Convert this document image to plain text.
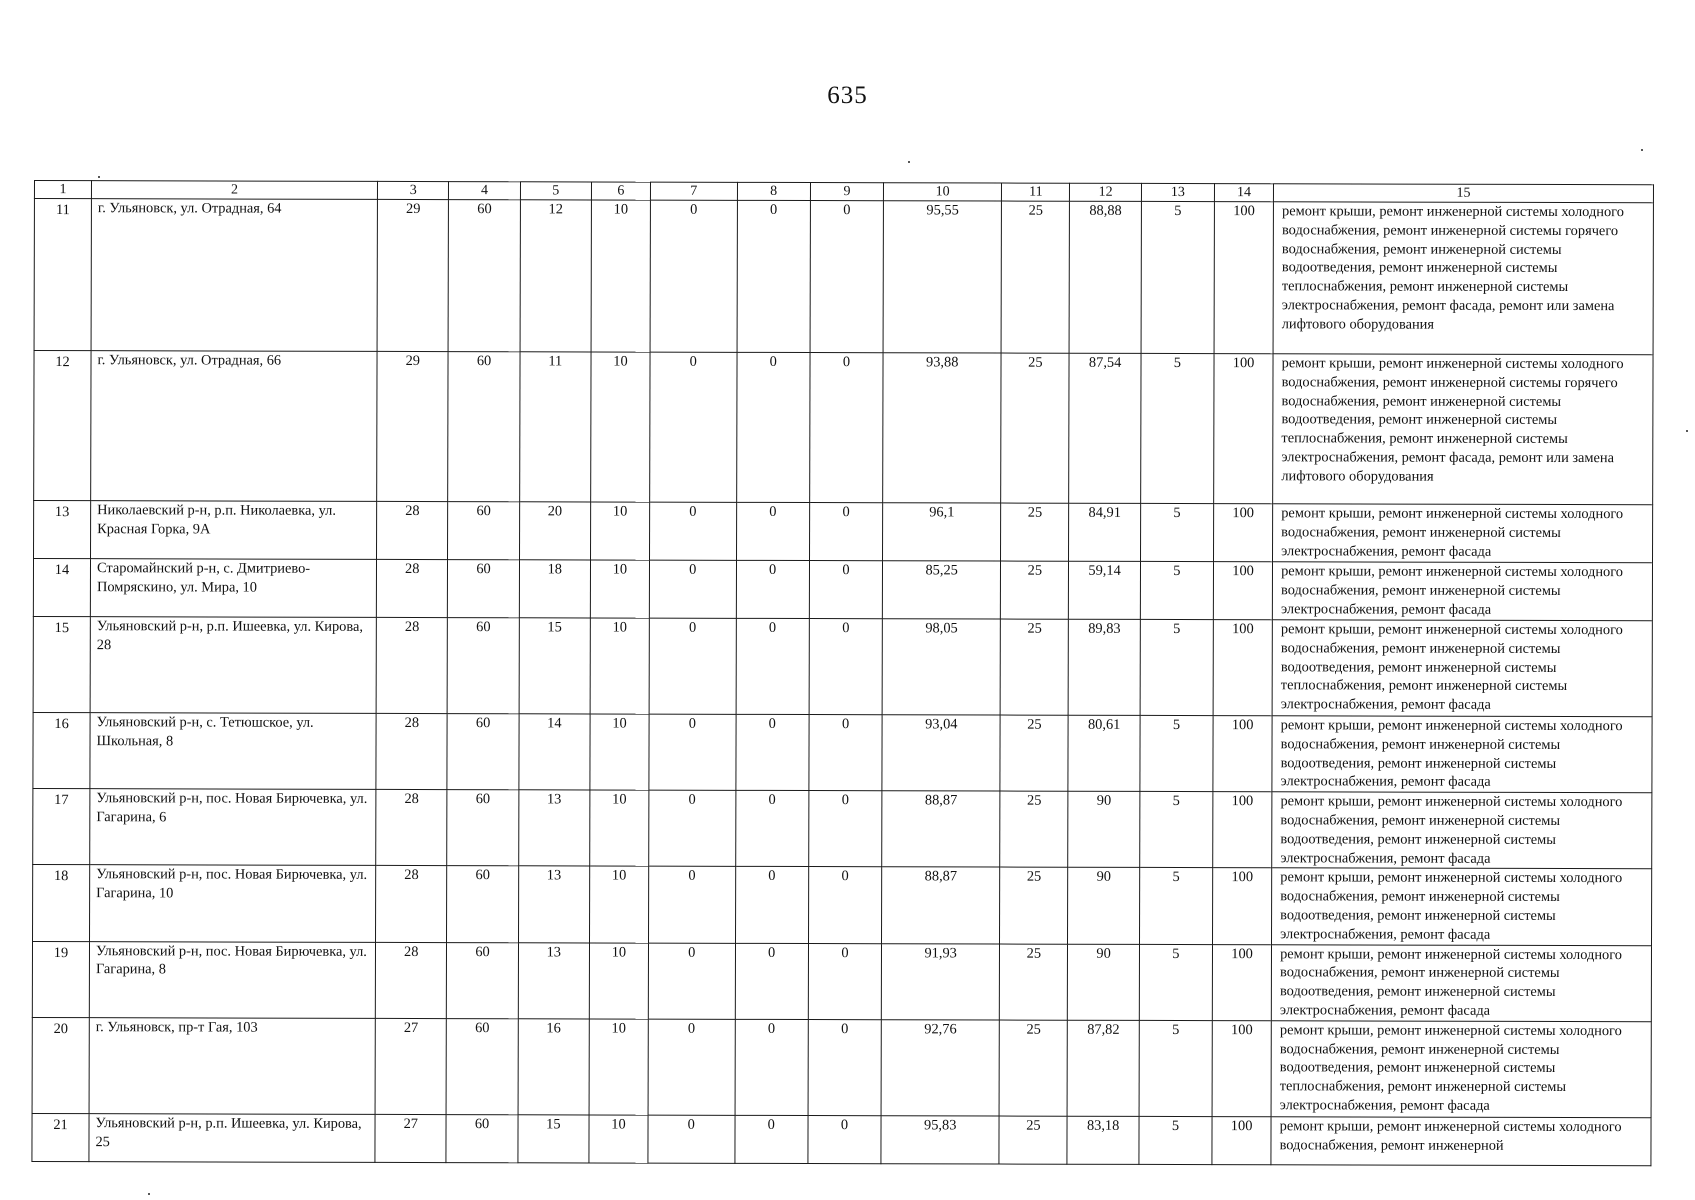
635
1	2	3	4	5	6	7	8	9	10	11	12	13	14	15
11	г. Ульяновск, ул. Отрадная, 64	29	60	12	10	0	0	0	95,55	25	88,88	5	100	ремонт крыши, ремонт инженерной системы холодного водоснабжения, ремонт инженерной системы горячего водоснабжения, ремонт инженерной системы водоотведения, ремонт инженерной системы теплоснабжения, ремонт инженерной системы электроснабжения, ремонт фасада, ремонт или замена лифтового оборудования
12	г. Ульяновск, ул. Отрадная, 66	29	60	11	10	0	0	0	93,88	25	87,54	5	100	ремонт крыши, ремонт инженерной системы холодного водоснабжения, ремонт инженерной системы горячего водоснабжения, ремонт инженерной системы водоотведения, ремонт инженерной системы теплоснабжения, ремонт инженерной системы электроснабжения, ремонт фасада, ремонт или замена лифтового оборудования
13	Николаевский р-н, р.п. Николаевка, ул. Красная Горка, 9А	28	60	20	10	0	0	0	96,1	25	84,91	5	100	ремонт крыши, ремонт инженерной системы холодного водоснабжения, ремонт инженерной системы электроснабжения, ремонт фасада
14	Старомайнский р-н, с. Дмитриево-Помряскино, ул. Мира, 10	28	60	18	10	0	0	0	85,25	25	59,14	5	100	ремонт крыши, ремонт инженерной системы холодного водоснабжения, ремонт инженерной системы электроснабжения, ремонт фасада
15	Ульяновский р-н, р.п. Ишеевка, ул. Кирова, 28	28	60	15	10	0	0	0	98,05	25	89,83	5	100	ремонт крыши, ремонт инженерной системы холодного водоснабжения, ремонт инженерной системы водоотведения, ремонт инженерной системы теплоснабжения, ремонт инженерной системы электроснабжения, ремонт фасада
16	Ульяновский р-н, с. Тетюшское, ул. Школьная, 8	28	60	14	10	0	0	0	93,04	25	80,61	5	100	ремонт крыши, ремонт инженерной системы холодного водоснабжения, ремонт инженерной системы водоотведения, ремонт инженерной системы электроснабжения, ремонт фасада
17	Ульяновский р-н, пос. Новая Бирючевка, ул. Гагарина, 6	28	60	13	10	0	0	0	88,87	25	90	5	100	ремонт крыши, ремонт инженерной системы холодного водоснабжения, ремонт инженерной системы водоотведения, ремонт инженерной системы электроснабжения, ремонт фасада
18	Ульяновский р-н, пос. Новая Бирючевка, ул. Гагарина, 10	28	60	13	10	0	0	0	88,87	25	90	5	100	ремонт крыши, ремонт инженерной системы холодного водоснабжения, ремонт инженерной системы водоотведения, ремонт инженерной системы электроснабжения, ремонт фасада
19	Ульяновский р-н, пос. Новая Бирючевка, ул. Гагарина, 8	28	60	13	10	0	0	0	91,93	25	90	5	100	ремонт крыши, ремонт инженерной системы холодного водоснабжения, ремонт инженерной системы водоотведения, ремонт инженерной системы электроснабжения, ремонт фасада
20	г. Ульяновск, пр-т Гая, 103	27	60	16	10	0	0	0	92,76	25	87,82	5	100	ремонт крыши, ремонт инженерной системы холодного водоснабжения, ремонт инженерной системы водоотведения, ремонт инженерной системы теплоснабжения, ремонт инженерной системы электроснабжения, ремонт фасада
21	Ульяновский р-н, р.п. Ишеевка, ул. Кирова, 25	27	60	15	10	0	0	0	95,83	25	83,18	5	100	ремонт крыши, ремонт инженерной системы холодного водоснабжения, ремонт инженерной
